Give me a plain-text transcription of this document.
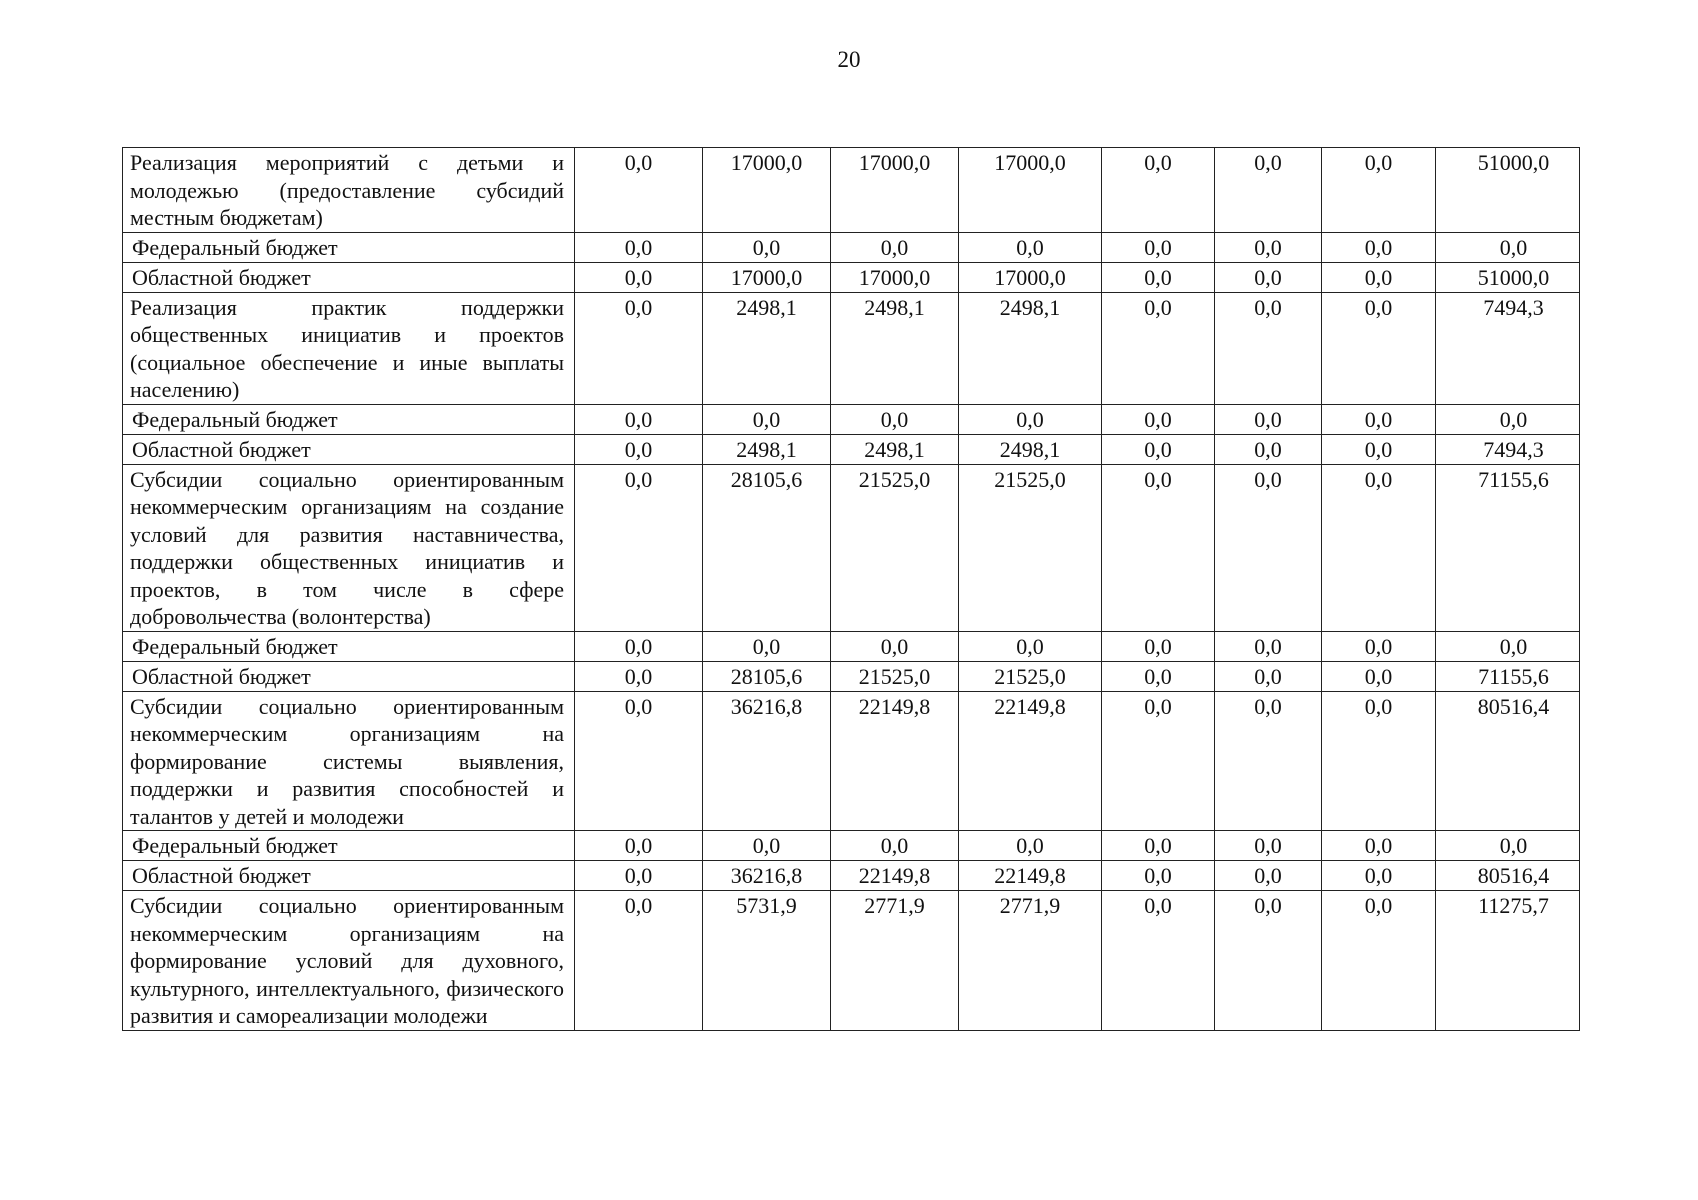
20
Реализация мероприятий с детьми и молодежью (предоставление субсидий местным бюджетам)	0,0	17000,0	17000,0	17000,0	0,0	0,0	0,0	51000,0
Федеральный бюджет	0,0	0,0	0,0	0,0	0,0	0,0	0,0	0,0
Областной бюджет	0,0	17000,0	17000,0	17000,0	0,0	0,0	0,0	51000,0
Реализация практик поддержки общественных инициатив и проектов (социальное обеспечение и иные выплаты населению)	0,0	2498,1	2498,1	2498,1	0,0	0,0	0,0	7494,3
Федеральный бюджет	0,0	0,0	0,0	0,0	0,0	0,0	0,0	0,0
Областной бюджет	0,0	2498,1	2498,1	2498,1	0,0	0,0	0,0	7494,3
Субсидии социально ориентированным некоммерческим организациям на создание условий для развития наставничества, поддержки общественных инициатив и проектов, в том числе в сфере добровольчества (волонтерства)	0,0	28105,6	21525,0	21525,0	0,0	0,0	0,0	71155,6
Федеральный бюджет	0,0	0,0	0,0	0,0	0,0	0,0	0,0	0,0
Областной бюджет	0,0	28105,6	21525,0	21525,0	0,0	0,0	0,0	71155,6
Субсидии социально ориентированным некоммерческим организациям на формирование системы выявления, поддержки и развития способностей и талантов у детей и молодежи	0,0	36216,8	22149,8	22149,8	0,0	0,0	0,0	80516,4
Федеральный бюджет	0,0	0,0	0,0	0,0	0,0	0,0	0,0	0,0
Областной бюджет	0,0	36216,8	22149,8	22149,8	0,0	0,0	0,0	80516,4
Субсидии социально ориентированным некоммерческим организациям на формирование условий для духовного, культурного, интеллектуального, физического развития и самореализации молодежи	0,0	5731,9	2771,9	2771,9	0,0	0,0	0,0	11275,7
